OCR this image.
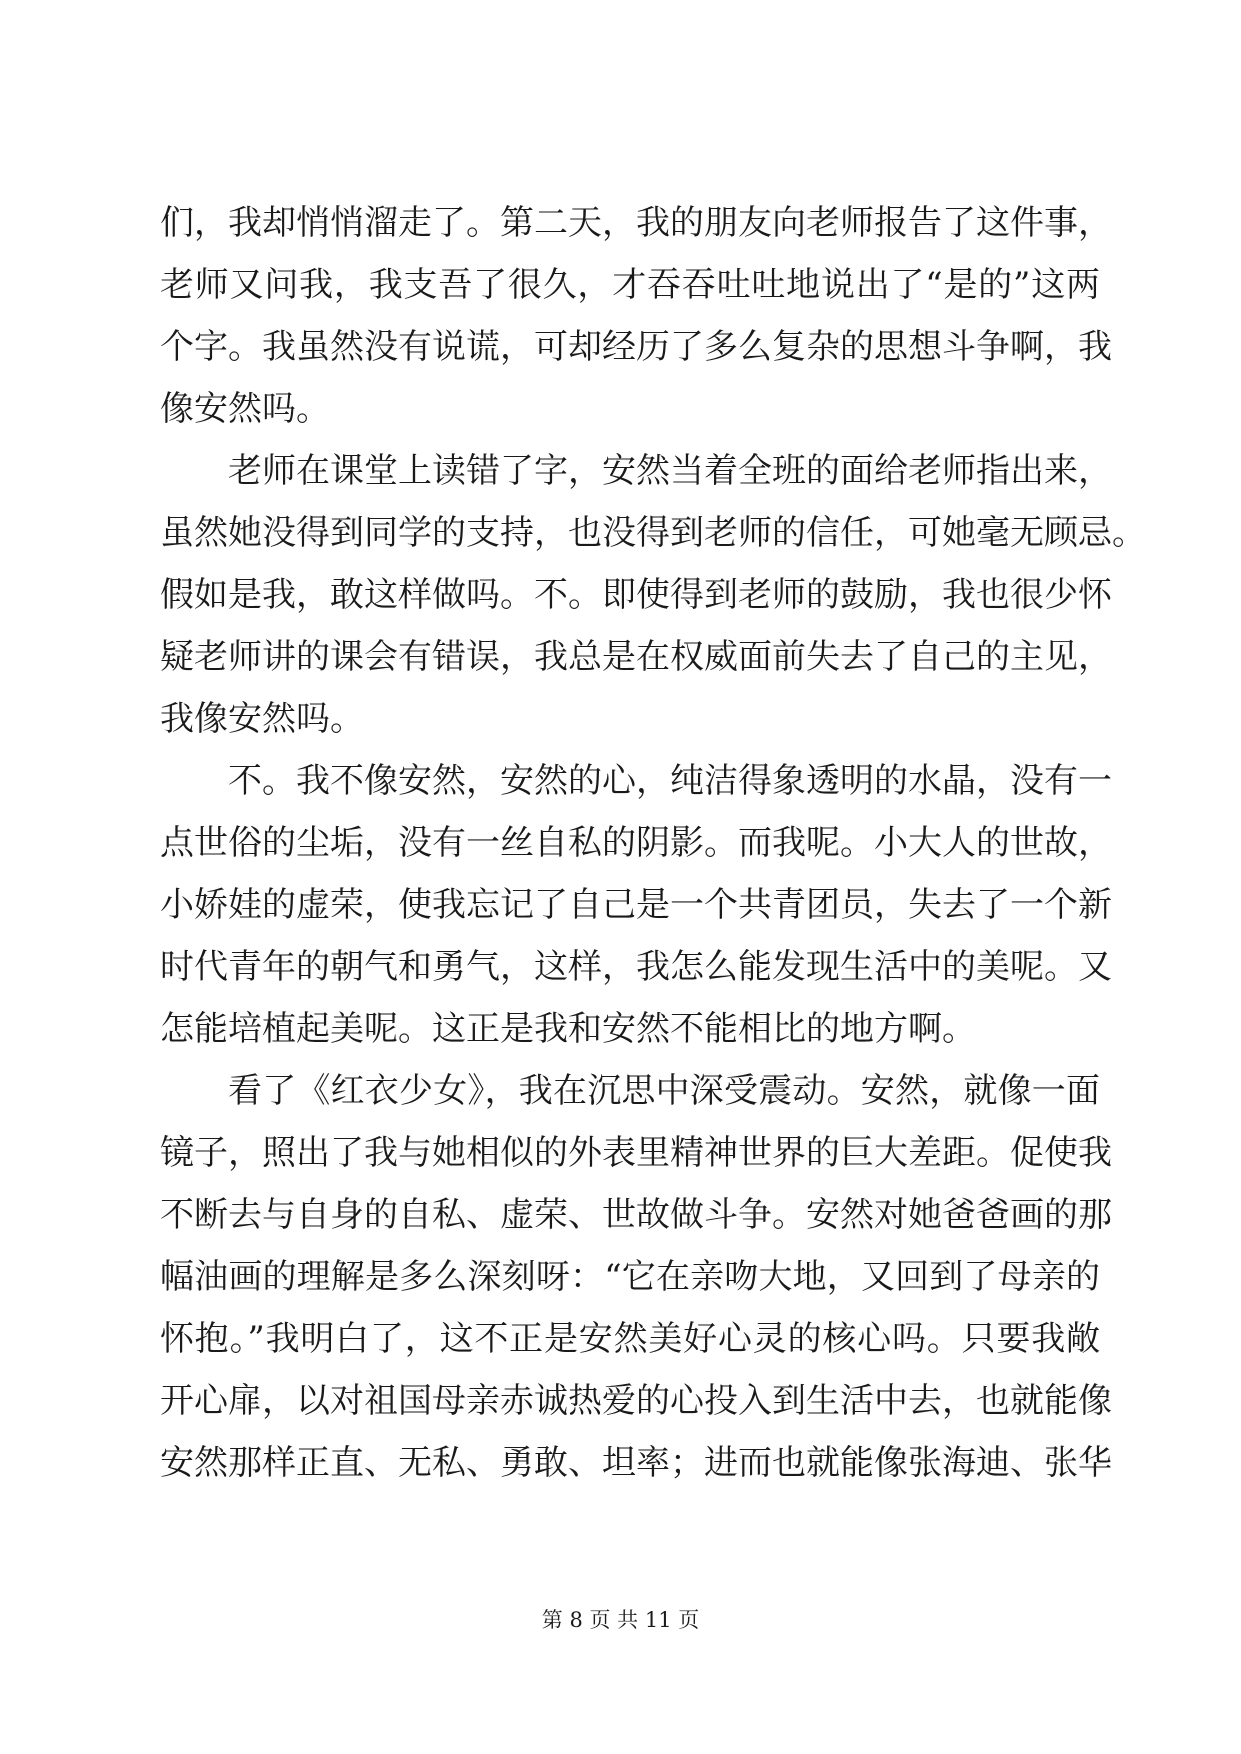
们，我却悄悄溜走了。第二天，我的朋友向老师报告了这件事，
老师又问我，我支吾了很久，才吞吞吐吐地说出了“是的”这两
个字。我虽然没有说谎，可却经历了多么复杂的思想斗争啊，我
像安然吗。
老师在课堂上读错了字，安然当着全班的面给老师指出来，
虽然她没得到同学的支持，也没得到老师的信任，可她毫无顾忌。
假如是我，敢这样做吗。不。即使得到老师的鼓励，我也很少怀
疑老师讲的课会有错误，我总是在权威面前失去了自己的主见，
我像安然吗。
不。我不像安然，安然的心，纯洁得象透明的水晶，没有一
点世俗的尘垢，没有一丝自私的阴影。而我呢。小大人的世故，
小娇娃的虚荣，使我忘记了自己是一个共青团员，失去了一个新
时代青年的朝气和勇气，这样，我怎么能发现生活中的美呢。又
怎能培植起美呢。这正是我和安然不能相比的地方啊。
看了《红衣少女》，我在沉思中深受震动。安然，就像一面
镜子，照出了我与她相似的外表里精神世界的巨大差距。促使我
不断去与自身的自私、虚荣、世故做斗争。安然对她爸爸画的那
幅油画的理解是多么深刻呀：“它在亲吻大地，又回到了母亲的
怀抱。”我明白了，这不正是安然美好心灵的核心吗。只要我敞
开心扉，以对祖国母亲赤诚热爱的心投入到生活中去，也就能像
安然那样正直、无私、勇敢、坦率；进而也就能像张海迪、张华
第 8 页 共 11 页
